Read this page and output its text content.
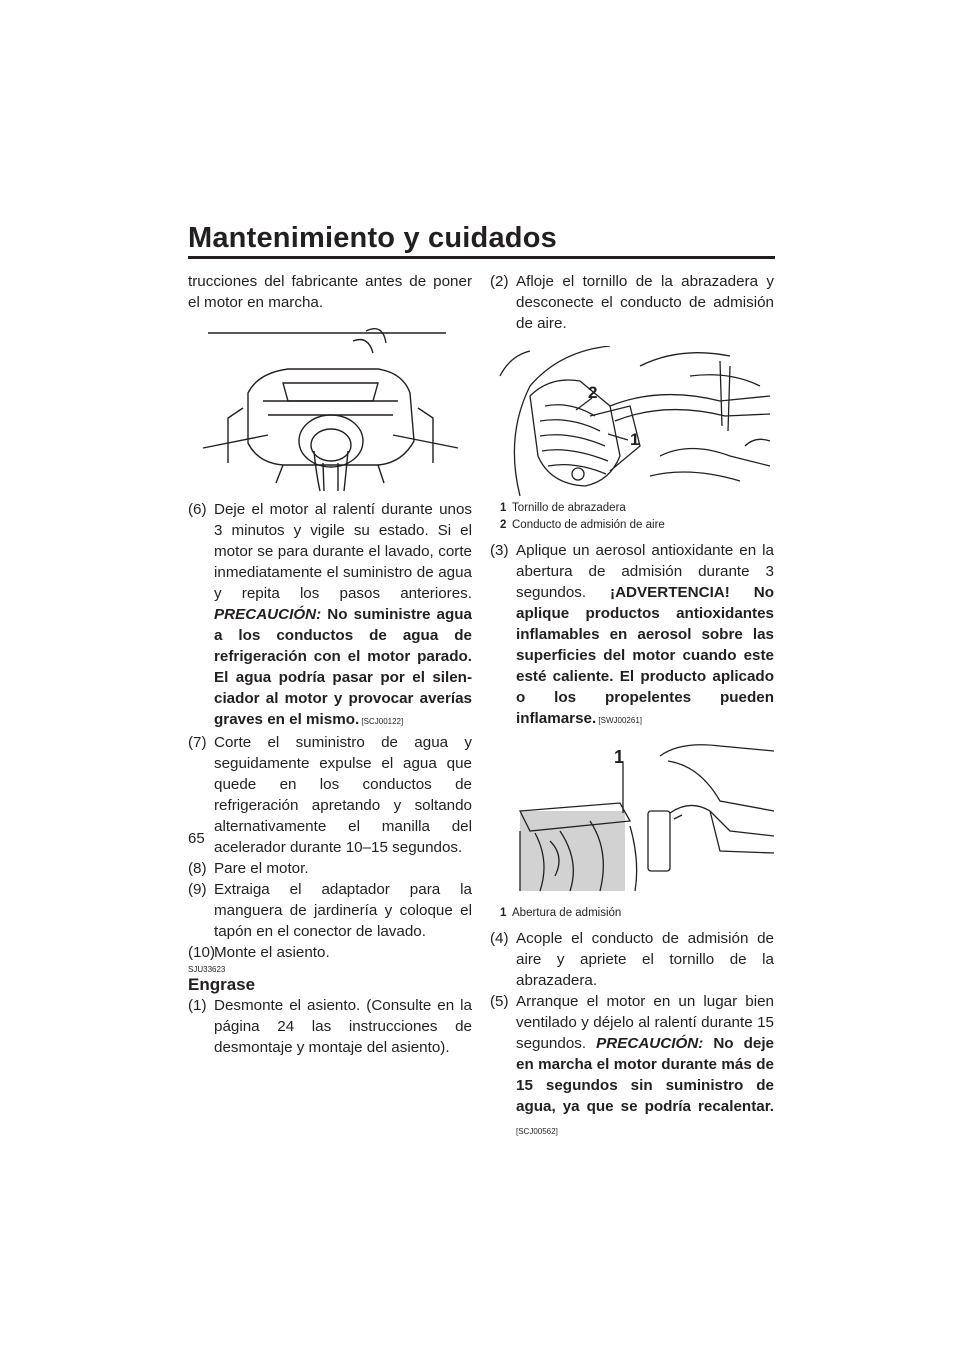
Mantenimiento y cuidados
65

trucciones del fabricante antes de poner el motor en marcha.

(6) Deje el motor al ralentí durante unos 3 minutos y vigile su estado. Si el motor se para durante el lavado, corte inmediatamente el suministro de agua y repita los pasos anteriores. PRECAUCIÓN: No suministre agua a los conductos de agua de refrigeración con el motor parado. El agua podría pasar por el silenciador al motor y provocar averías graves en el mismo. [SCJ00122]
(7) Corte el suministro de agua y seguidamente expulse el agua que quede en los conductos de refrigeración apretando y soltando alternativamente el manilla del acelerador durante 10–15 segundos.
(8) Pare el motor.
(9) Extraiga el adaptador para la manguera de jardinería y coloque el tapón en el conector de lavado.
(10)
Monte el asiento.
SJU33623
Engrase
(1) Desmonte el asiento. (Consulte en la página 24 las instrucciones de desmontaje y montaje del asiento).
(2) Afloje el tornillo de la abrazadera y desconecte el conducto de admisión de aire.
2
1
1 Tornillo de abrazadera
2 Conducto de admisión de aire
(3) Aplique un aerosol antioxidante en la abertura de admisión durante 3 segundos. ¡ADVERTENCIA! No aplique productos antioxidantes inflamables en aerosol sobre las superficies del motor cuando este esté caliente. El producto aplicado o los propelentes pueden inflamarse. [SWJ00261]
1
1 Abertura de admisión
(4) Acople el conducto de admisión de aire y apriete el tornillo de la abrazadera.
(5) Arranque el motor en un lugar bien ventilado y déjelo al ralentí durante 15 segundos. PRECAUCIÓN: No deje en marcha el motor durante más de 15 segundos sin suministro de agua, ya que se podría recalentar. [SCJ00562]
